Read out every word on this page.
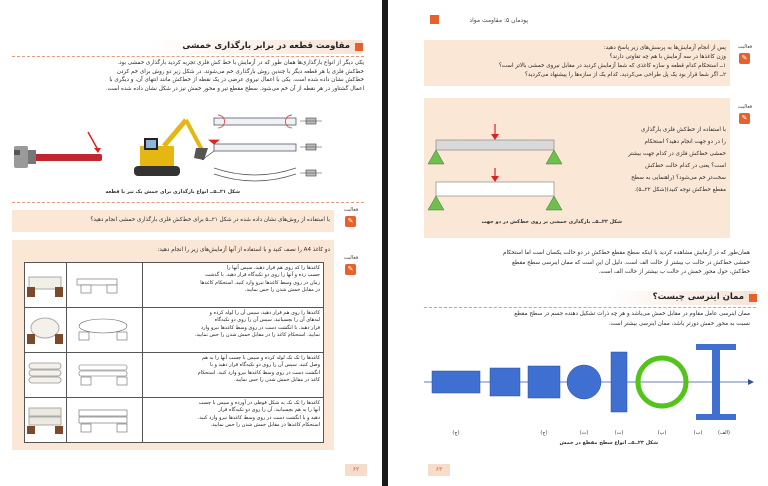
مقاومت قطعه در برابر بارگذاری خمشی
یکی دیگر از انواع بارگذاری‌ها همان طور که در آزمایش با خط کش فلزی تجربه کردید بارگذاری خمشی بود.
خط‌کش فلزی یا هر قطعه دیگر با چندین روش بارگذاری خم می‌شوند. در شکل زیر دو روش برای خم کردن
خط‌کش نشان داده شده است. یکی با اعمال نیروی عرضی در یک نقطه از خط‌کش مانند انتهای آن، و دیگری با
اعمال گشتاور در هر نقطه از آن خم می‌شود. سطح مقطع تیر و محور خمش نیز در شکل نشان داده شده است.
شکل ۲۱ــ۵ــ انواع بارگذاری برای خمش یک تیر یا قطعه
فعالیت
✎
با استفاده از روش‌های نشان داده شده در شکل ۲۱ــ۵ برای خط‌کش فلزی بارگذاری خمشی انجام دهید؟
فعالیت
✎
دو کاغذ A4 را نصف کنید و با استفاده از آنها آزمایش‌های زیر را انجام دهید:

کاغذها را که روی هم قرار دهید، سپس آنها را
جسب زده و آنها را روی دو تکیه‌گاه قرار دهید. با گذشت
زمان در روی وسط کاغذها نیرو وارد کنید. استحکام کاغذها
در مقابل خمش شدن را حس نمایید.

کاغذها را روی هم قرار دهید، سپس آن را لوله کرده و
لبه‌های آن را بچسبانید. سپس آن را روی دو تکیه‌گاه
قرار دهید. با انگشت دست در روی وسط کاغذها نیرو وارد
نمایید. استحکام کاغذ را در مقابل خمش شدن را حس نمایید.

کاغذها را تک تک لوله کرده و سپس با چسب آنها را به هم
وصل کنید. سپس آن را روی دو تکیه‌گاه قرار دهید و با
انگشت دست در روی وسط کاغذها نیرو وارد کنید. استحکام
کاغذ در مقابل خمش شدن را حس نمایید.

کاغذها را تک تک به شکل قوطی در آورده و سپس با چسب
آنها را به هم بچسبانید. آن را روی دو تکیه‌گاه قرار
دهید و با انگشت دست در روی وسط کاغذها نیرو وارد کنید.
استحکام کاغذها در مقابل خمش شدن را حس نمایید.
۶۲
پودمان ۵: مقاومت مواد
فعالیت
✎
پس از انجام آزمایش‌ها به پرسش‌های زیر پاسخ دهید:
وزن کاغذها در سه آزمایش با هم چه تفاوتی دارند؟
۱ــ استحکام کدام قطعه و سازه کاغذی که شما آزمایش کردید در مقابل نیروی خمشی بالاتر است؟
۲ــ اگر شما قرار بود یک پل طراحی می‌کردید، کدام یک از سازه‌ها را پیشنهاد می‌کردید؟
فعالیت
✎
با استفاده از خط‌کش فلزی بارگذاری
را در دو جهت انجام دهید؟ استحکام
خمشی خط‌کش فلزی در کدام جهت بیشتر
است؟ یعنی در کدام حالت خط‌کش
سخت‌تر خم می‌شود؟ (راهنمایی به سطح
مقطع خط‌کش توجه کنید)(شکل ۲۲ــ۵).
شکل ۲۲ــ۵ــ بارگذاری خمشی بر روی خط‌کش در دو جهت
همان‌طور که در آزمایش مشاهده کردید با اینکه سطح مقطع خط‌کش در دو حالت یکسان است اما استحکام
خمشی خط‌کش در حالت ب بیشتر از حالت الف است. دلیل آن این است که ممان اینرسی سطح مقطع
خط‌کش، حول محور خمش در حالت ب بیشتر از حالت الف است.
ممان اینرسی چیست؟
ممان اینرسی عامل مقاوم در مقابل خمش می‌باشد و هر چه ذرات تشکیل دهنده جسم در سطح مقطع
نسبت به محور خمش دورتر باشد، ممان اینرسی بیشتر است.
(الف)
(ب)
(پ)
(ت)
(ث)
(ج)
(چ)
شکل ۲۳ــ۵ــ انواع سطح مقطع در خمش
۶۳
